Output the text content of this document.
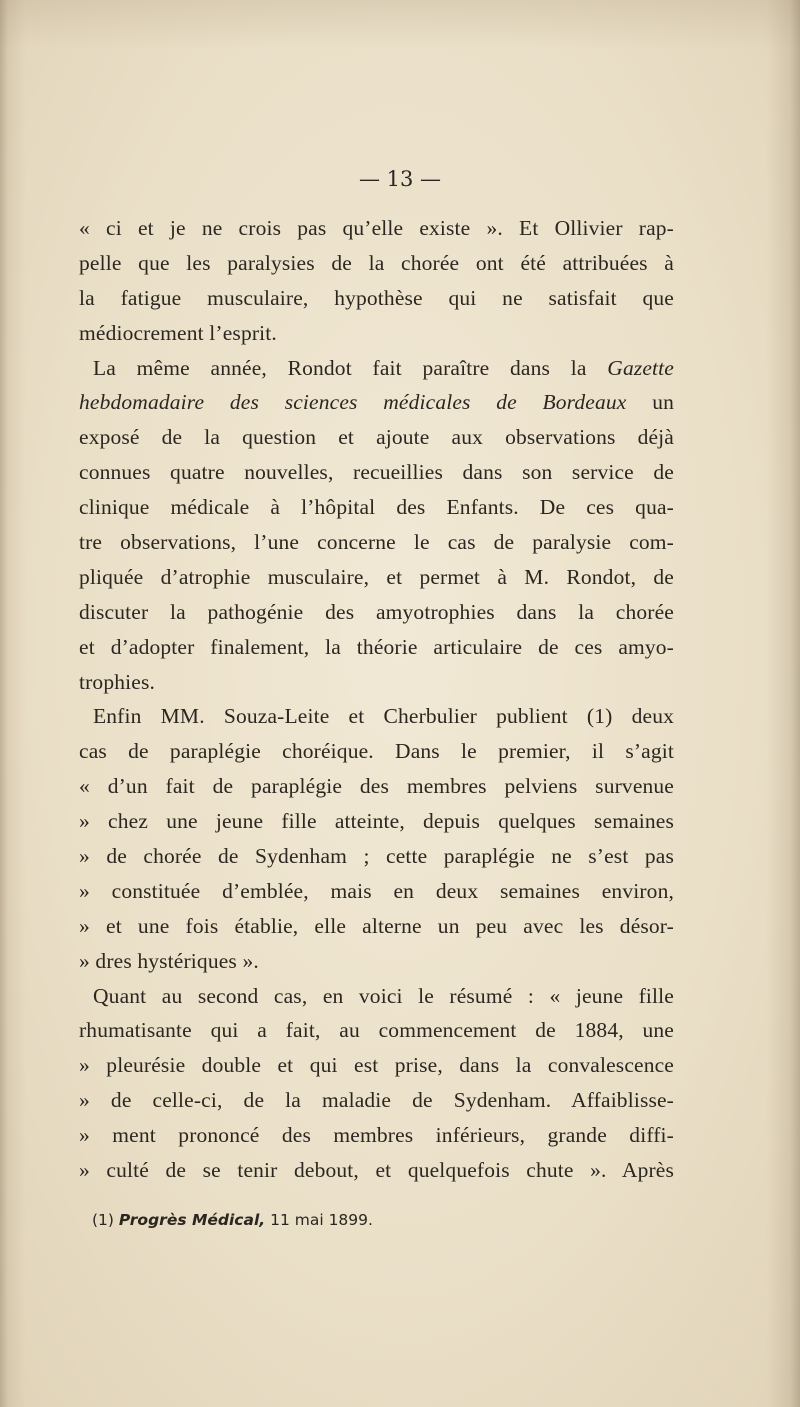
— 13 —

« ci et je ne crois pas qu’elle existe ». Et Ollivier rap-
pelle que les paralysies de la chorée ont été attribuées à
la fatigue musculaire, hypothèse qui ne satisfait que
médiocrement l’esprit.
La même année, Rondot fait paraître dans la Gazette
hebdomadaire des sciences médicales de Bordeaux un
exposé de la question et ajoute aux observations déjà
connues quatre nouvelles, recueillies dans son service de
clinique médicale à l’hôpital des Enfants. De ces qua-
tre observations, l’une concerne le cas de paralysie com-
pliquée d’atrophie musculaire, et permet à M. Rondot, de
discuter la pathogénie des amyotrophies dans la chorée
et d’adopter finalement, la théorie articulaire de ces amyo-
trophies.
Enfin MM. Souza-Leite et Cherbulier publient (1) deux
cas de paraplégie choréique. Dans le premier, il s’agit
« d’un fait de paraplégie des membres pelviens survenue
» chez une jeune fille atteinte, depuis quelques semaines
» de chorée de Sydenham ; cette paraplégie ne s’est pas
» constituée d’emblée, mais en deux semaines environ,
» et une fois établie, elle alterne un peu avec les désor-
» dres hystériques ».
Quant au second cas, en voici le résumé : « jeune fille
rhumatisante qui a fait, au commencement de 1884, une
» pleurésie double et qui est prise, dans la convalescence
» de celle-ci, de la maladie de Sydenham. Affaiblisse-
» ment prononcé des membres inférieurs, grande diffi-
» culté de se tenir debout, et quelquefois chute ». Après

(1) Progrès Médical, 11 mai 1899.
